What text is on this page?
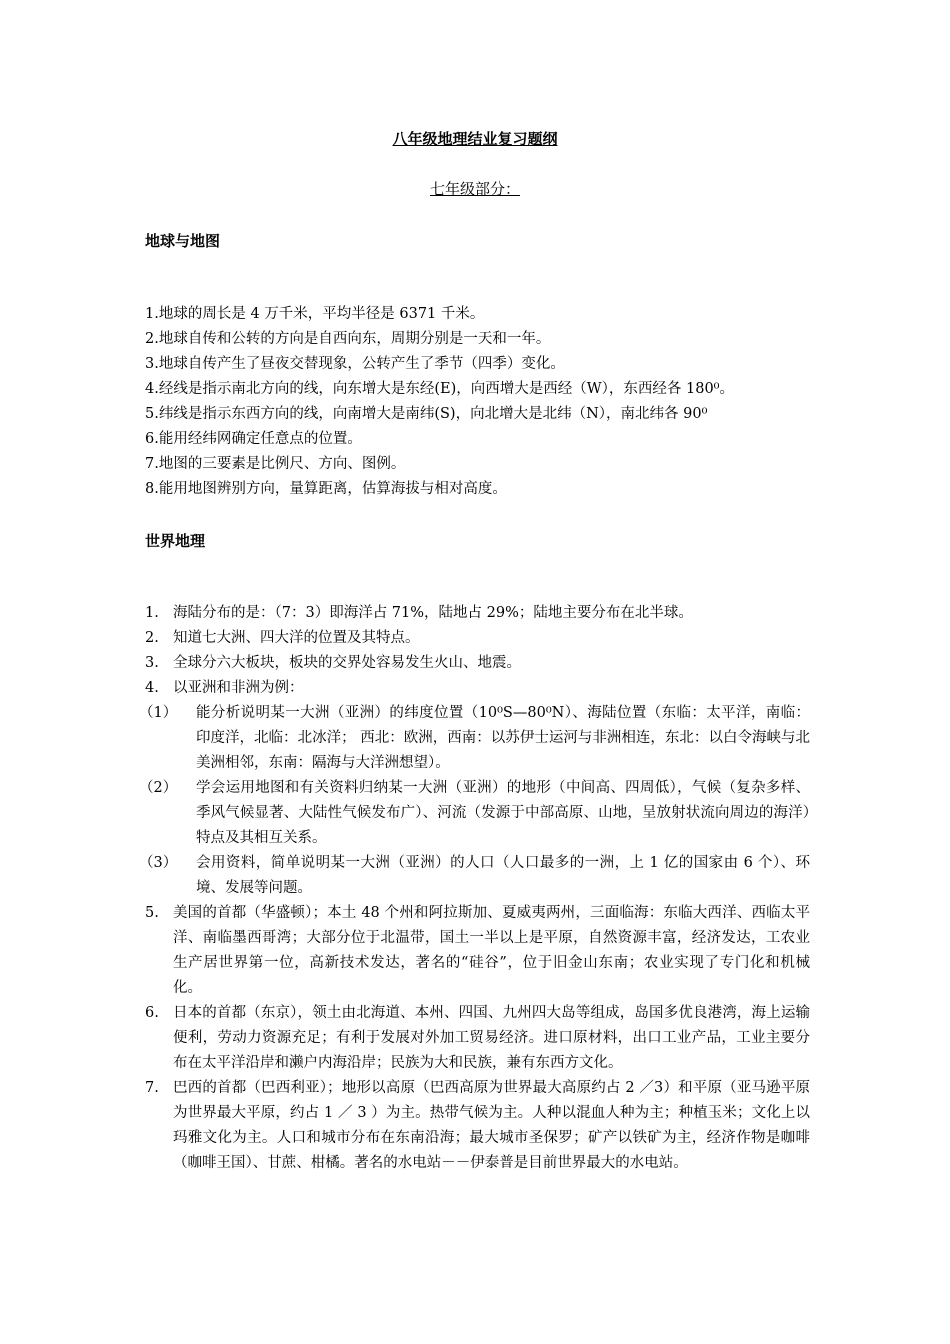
八年级地理结业复习题纲
七年级部分：
地球与地图
1.地球的周长是 4 万千米，平均半径是 6371 千米。
2.地球自传和公转的方向是自西向东，周期分别是一天和一年。
3.地球自传产生了昼夜交替现象，公转产生了季节（四季）变化。
4.经线是指示南北方向的线，向东增大是东经(E)，向西增大是西经（W），东西经各 180⁰。
5.纬线是指示东西方向的线，向南增大是南纬(S)，向北增大是北纬（N），南北纬各 90⁰
6.能用经纬网确定任意点的位置。
7.地图的三要素是比例尺、方向、图例。
8.能用地图辨别方向，量算距离，估算海拔与相对高度。
世界地理
1. 海陆分布的是：（7：3）即海洋占 71%，陆地占 29%；陆地主要分布在北半球。
2. 知道七大洲、四大洋的位置及其特点。
3. 全球分六大板块，板块的交界处容易发生火山、地震。
4. 以亚洲和非洲为例：
（1）	能分析说明某一大洲（亚洲）的纬度位置（10⁰S—80⁰N）、海陆位置（东临：太平洋，南临：印度洋，北临：北冰洋； 西北：欧洲，西南：以苏伊士运河与非洲相连，东北：以白令海峡与北美洲相邻，东南：隔海与大洋洲想望）。
（2）	学会运用地图和有关资料归纳某一大洲（亚洲）的地形（中间高、四周低），气候（复杂多样、季风气候显著、大陆性气候发布广）、河流（发源于中部高原、山地，呈放射状流向周边的海洋）特点及其相互关系。
（3）	会用资料，简单说明某一大洲（亚洲）的人口（人口最多的一洲，上 1 亿的国家由 6 个）、环境、发展等问题。
5. 美国的首都（华盛顿）；本土 48 个州和阿拉斯加、夏威夷两州，三面临海：东临大西洋、西临太平洋、南临墨西哥湾；大部分位于北温带，国土一半以上是平原，自然资源丰富，经济发达，工农业生产居世界第一位，高新技术发达，著名的“硅谷”，位于旧金山东南；农业实现了专门化和机械化。
6. 日本的首都（东京），领土由北海道、本州、四国、九州四大岛等组成，岛国多优良港湾，海上运输便利，劳动力资源充足；有利于发展对外加工贸易经济。进口原材料，出口工业产品，工业主要分布在太平洋沿岸和濑户内海沿岸；民族为大和民族，兼有东西方文化。
7. 巴西的首都（巴西利亚）；地形以高原（巴西高原为世界最大高原约占 2 ／3）和平原（亚马逊平原为世界最大平原，约占 1 ／ 3 ）为主。热带气候为主。人种以混血人种为主；种植玉米；文化上以玛雅文化为主。人口和城市分布在东南沿海；最大城市圣保罗；矿产以铁矿为主，经济作物是咖啡（咖啡王国）、甘蔗、柑橘。著名的水电站－－伊泰普是目前世界最大的水电站。
